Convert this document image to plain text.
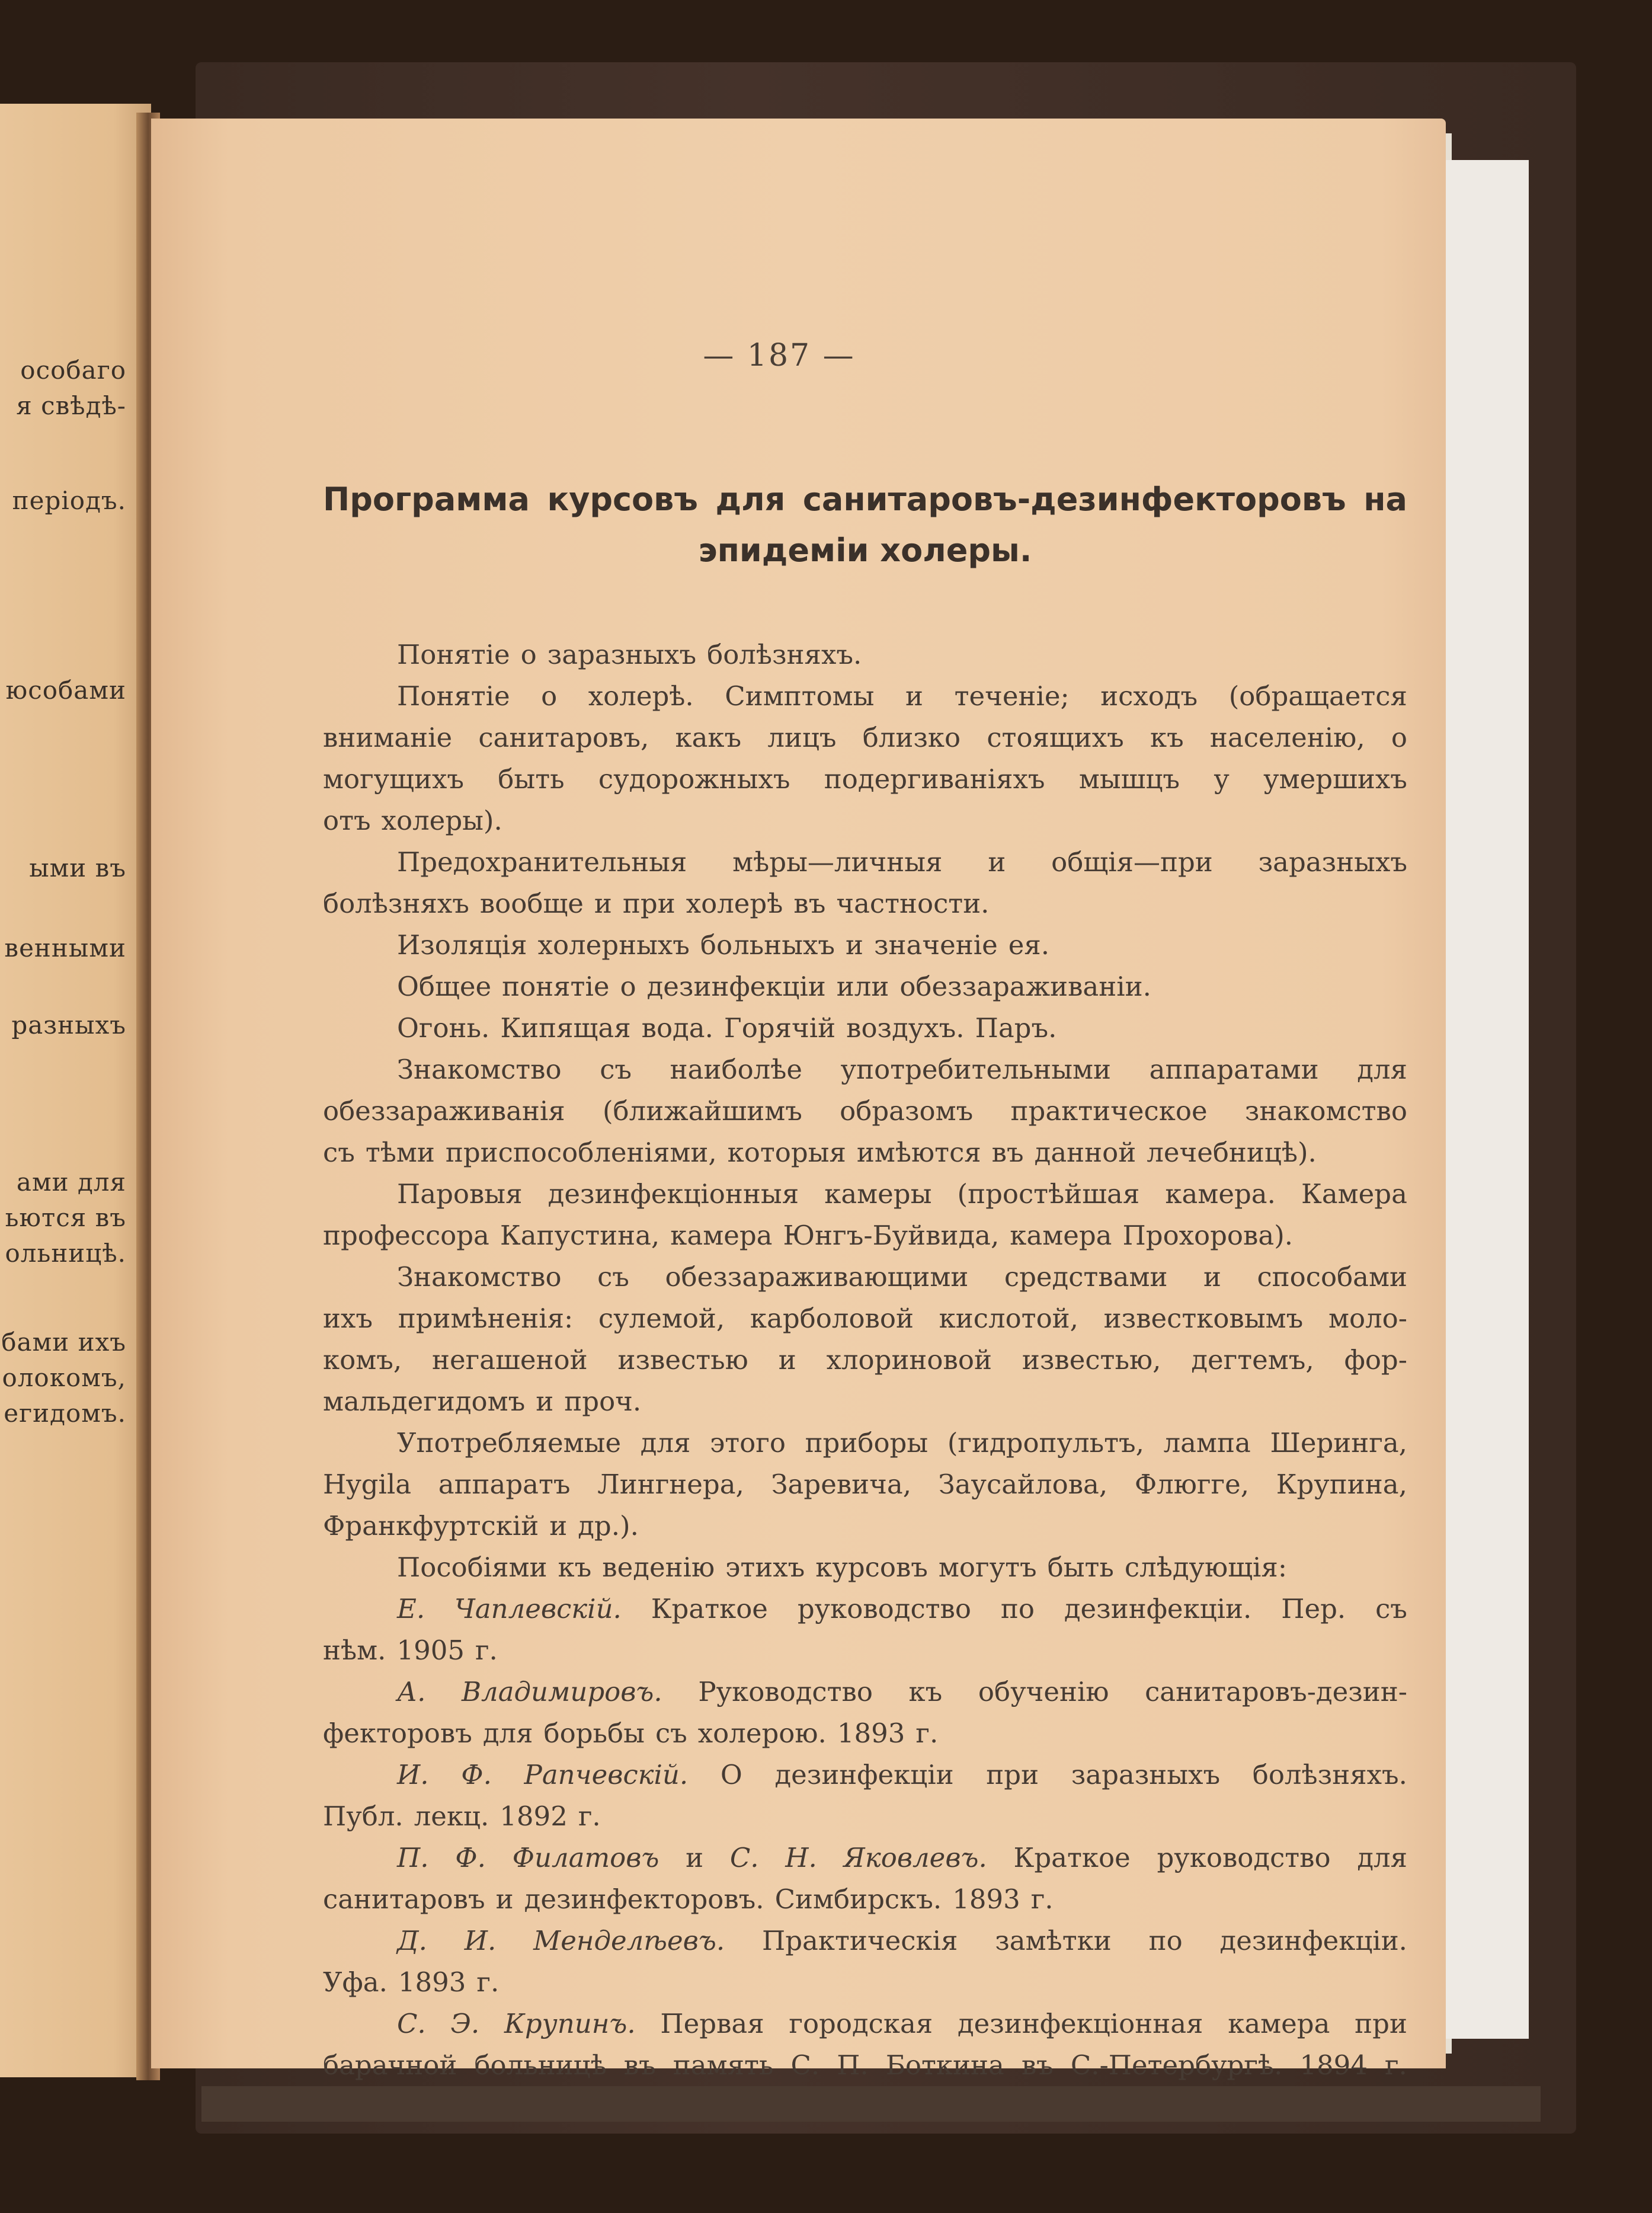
особаго
я свѣдѣ-
періодъ.
юсобами
ыми въ
венными
разныхъ
ами для
ьются въ
ольницѣ.
бами ихъ
олокомъ,
егидомъ.
— 187 —
Программа курсовъ для санитаровъ-дезинфекторовъ на
эпидеміи холеры.
Понятіе о заразныхъ болѣзняхъ.
Понятіе о холерѣ. Симптомы и теченіе; исходъ (обращается
вниманіе санитаровъ, какъ лицъ близко стоящихъ къ населенію, о
могущихъ быть судорожныхъ подергиваніяхъ мышцъ у умершихъ
отъ холеры).
Предохранительныя мѣры—личныя и общія—при заразныхъ
болѣзняхъ вообще и при холерѣ въ частности.
Изоляція холерныхъ больныхъ и значеніе ея.
Общее понятіе о дезинфекціи или обеззараживаніи.
Огонь. Кипящая вода. Горячій воздухъ. Паръ.
Знакомство съ наиболѣе употребительными аппаратами для
обеззараживанія (ближайшимъ образомъ практическое знакомство
съ тѣми приспособленіями, которыя имѣются въ данной лечебницѣ).
Паровыя дезинфекціонныя камеры (простѣйшая камера. Камера
профессора Капустина, камера Юнгъ-Буйвида, камера Прохорова).
Знакомство съ обеззараживающими средствами и способами
ихъ примѣненія: сулемой, карболовой кислотой, известковымъ моло-
комъ, негашеной известью и хлориновой известью, дегтемъ, фор-
мальдегидомъ и проч.
Употребляемые для этого приборы (гидропультъ, лампа Шеринга,
Hygila аппаратъ Лингнера, Заревича, Заусайлова, Флюгге, Крупина,
Франкфуртскій и др.).
Пособіями къ веденію этихъ курсовъ могутъ быть слѣдующія:
Е. Чаплевскій. Краткое руководство по дезинфекціи. Пер. съ
нѣм. 1905 г.
А. Владимировъ. Руководство къ обученію санитаровъ-дезин-
фекторовъ для борьбы съ холерою. 1893 г.
И. Ф. Рапчевскій. О дезинфекціи при заразныхъ болѣзняхъ.
Публ. лекц. 1892 г.
П. Ф. Филатовъ и С. Н. Яковлевъ. Краткое руководство для
санитаровъ и дезинфекторовъ. Симбирскъ. 1893 г.
Д. И. Менделѣевъ. Практическія замѣтки по дезинфекціи.
Уфа. 1893 г.
С. Э. Крупинъ. Первая городская дезинфекціонная камера при
барачной больницѣ въ память С. П. Боткина въ С.-Петербургѣ. 1894 г.
